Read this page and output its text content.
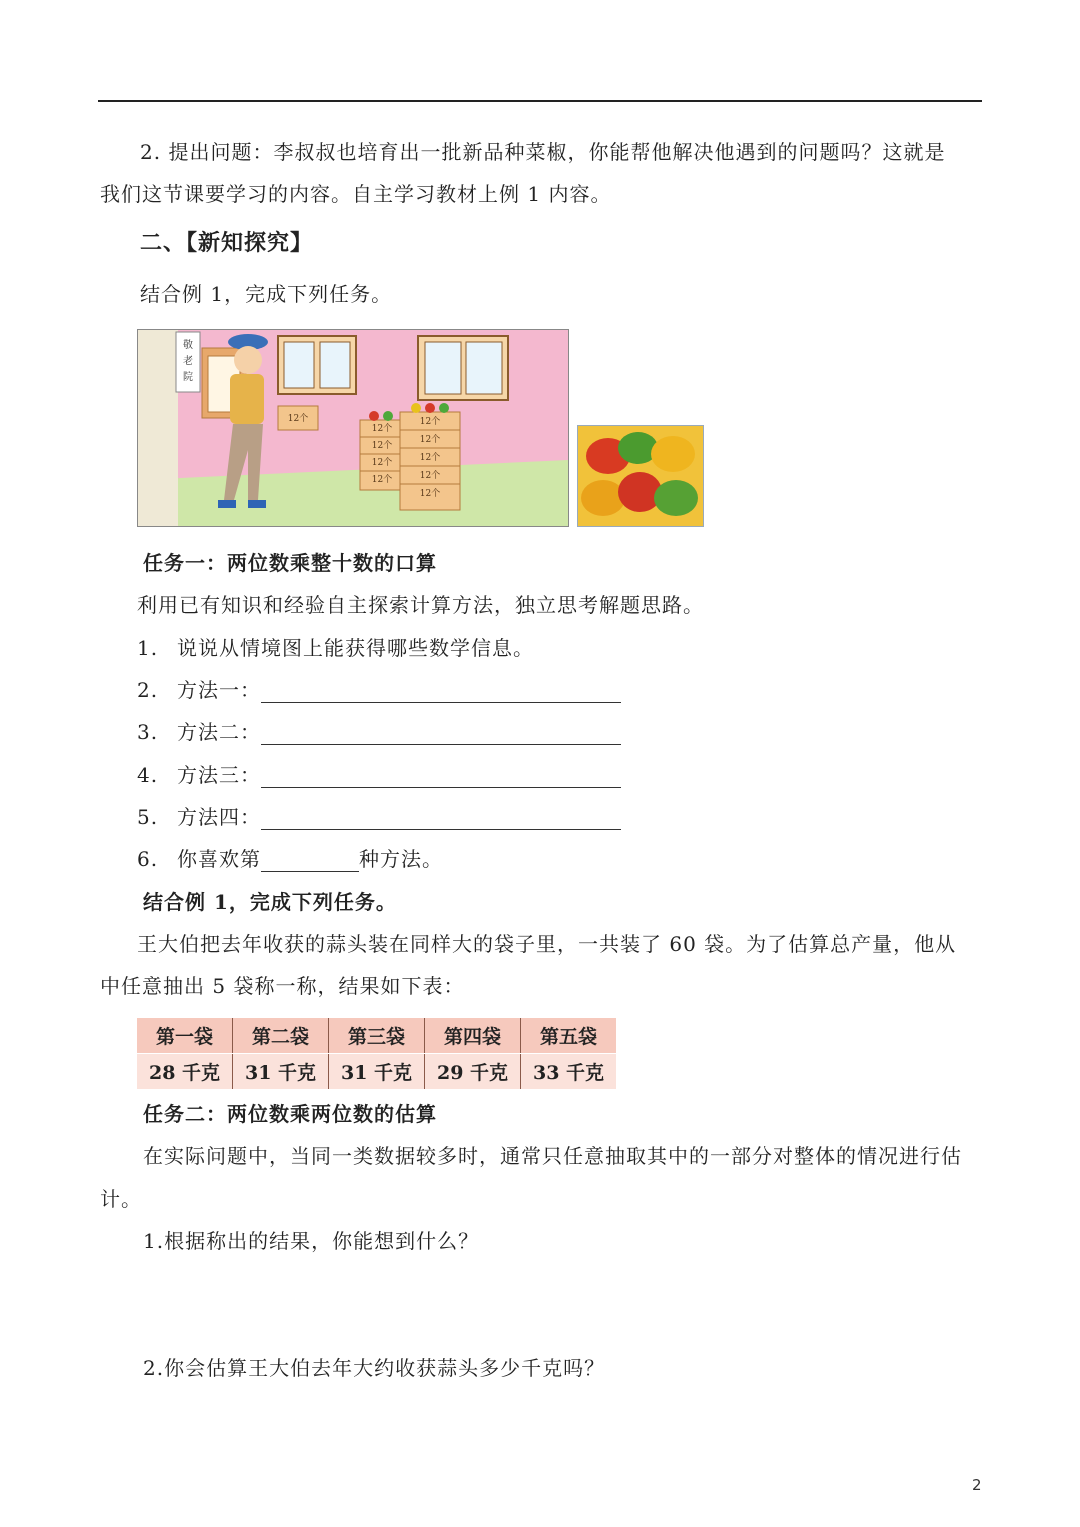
2. 提出问题：李叔叔也培育出一批新品种菜椒，你能帮他解决他遇到的问题吗？这就是
我们这节课要学习的内容。自主学习教材上例 1 内容。
二、【新知探究】
结合例 1，完成下列任务。
敬
老
院
12个
12个
12个
12个
12个
12个
12个
12个
12个
12个
任务一：两位数乘整十数的口算
利用已有知识和经验自主探索计算方法，独立思考解题思路。
1. 说说从情境图上能获得哪些数学信息。
2. 方法一：
3. 方法二：
4. 方法三：
5. 方法四：
6. 你喜欢第	种方法。
结合例 1，完成下列任务。
王大伯把去年收获的蒜头装在同样大的袋子里，一共装了 60 袋。为了估算总产量，他从
中任意抽出 5 袋称一称，结果如下表：
第一袋	第二袋	第三袋	第四袋	第五袋
28 千克	31 千克	31 千克	29 千克	33 千克
任务二：两位数乘两位数的估算
在实际问题中，当同一类数据较多时，通常只任意抽取其中的一部分对整体的情况进行估
计。
1.根据称出的结果，你能想到什么？
2.你会估算王大伯去年大约收获蒜头多少千克吗？
2
